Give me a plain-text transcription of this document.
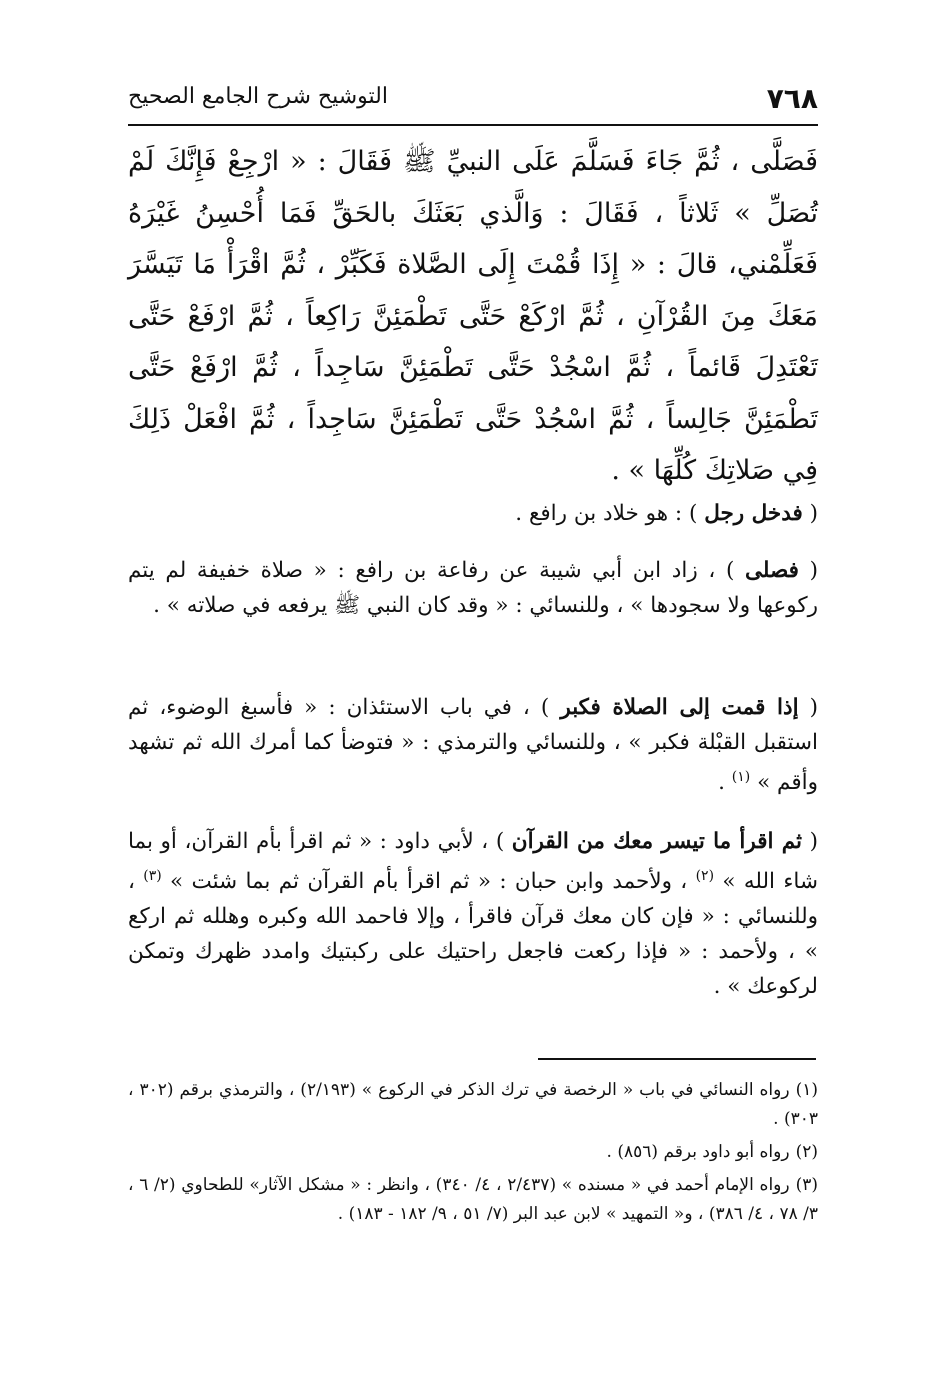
٧٦٨
التوشيح شرح الجامع الصحيح

فَصَلَّى ، ثُمَّ جَاءَ فَسَلَّمَ عَلَى النبيِّ ﷺ فَقَالَ : « ارْجِعْ فَإِنَّكَ لَمْ تُصَلِّ » ثَلاثاً ، فَقَالَ : وَالَّذي بَعَثَكَ بالحَقِّ فَمَا أُحْسِنُ غَيْرَهُ فَعَلِّمْني، قالَ : « إِذَا قُمْتَ إِلَى الصَّلاة فَكَبِّرْ ، ثُمَّ اقْرَأْ مَا تَيَسَّرَ مَعَكَ مِنَ القُرْآنِ ، ثُمَّ ارْكَعْ حَتَّى تَطْمَئِنَّ رَاكِعاً ، ثُمَّ ارْفَعْ حَتَّى تَعْتَدِلَ قَائماً ، ثُمَّ اسْجُدْ حَتَّى تَطْمَئِنَّ سَاجِداً ، ثُمَّ ارْفَعْ حَتَّى تَطْمَئِنَّ جَالِساً ، ثُمَّ اسْجُدْ حَتَّى تَطْمَئِنَّ سَاجِداً ، ثُمَّ افْعَلْ ذَلِكَ فِي صَلاتِكَ كُلِّهَا » .

( فدخل رجل ) : هو خلاد بن رافع .

( فصلى ) ، زاد ابن أبي شيبة عن رفاعة بن رافع : « صلاة خفيفة لم يتم ركوعها ولا سجودها » ، وللنسائي : « وقد كان النبي ﷺ يرفعه في صلاته » .

( إذا قمت إلى الصلاة فكبر ) ، في باب الاستئذان : « فأسبغ الوضوء، ثم استقبل القبْلة فكبر » ، وللنسائي والترمذي : « فتوضأ كما أمرك الله ثم تشهد وأقم » $^{(١)}$ .

( ثم اقرأ ما تيسر معك من القرآن ) ، لأبي داود : « ثم اقرأ بأم القرآن، أو بما شاء الله » $^{(٢)}$ ، ولأحمد وابن حبان : « ثم اقرأ بأم القرآن ثم بما شئت » $^{(٣)}$ ، وللنسائي : « فإن كان معك قرآن فاقرأ ، وإلا فاحمد الله وكبره وهلله ثم اركع » ، ولأحمد : « فإذا ركعت فاجعل راحتيك على ركبتيك وامدد ظهرك وتمكن لركوعك » .

(١)رواه النسائي في باب « الرخصة في ترك الذكر في الركوع » (٢/١٩٣) ، والترمذي برقم (٣٠٢ ، ٣٠٣) .

(٢)رواه أبو داود برقم (٨٥٦) .

(٣)رواه الإمام أحمد في « مسنده » (٢/٤٣٧ ، ٤/ ٣٤٠) ، وانظر : « مشكل الآثار» للطحاوي (٢/ ٦ ، ٣/ ٧٨ ، ٤/ ٣٨٦) ، و« التمهيد » لابن عبد البر (٧/ ٥١ ، ٩/ ١٨٢ - ١٨٣) .
